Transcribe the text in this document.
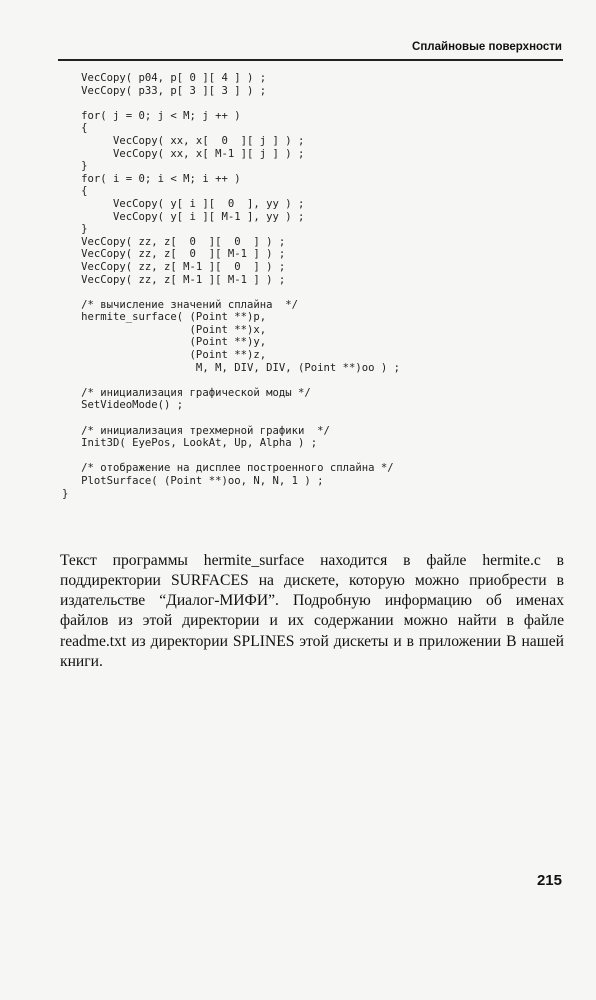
Сплайновые поверхности
VecCopy( p04, p[ 0 ][ 4 ] ) ;
VecCopy( p33, p[ 3 ][ 3 ] ) ;
for( j = 0; j < M; j ++ )
{
VecCopy( xx, x[  0  ][ j ] ) ;
VecCopy( xx, x[ M-1 ][ j ] ) ;
}
for( i = 0; i < M; i ++ )
{
VecCopy( y[ i ][  0  ], yy ) ;
VecCopy( y[ i ][ M-1 ], yy ) ;
}
VecCopy( zz, z[  0  ][  0  ] ) ;
VecCopy( zz, z[  0  ][ M-1 ] ) ;
VecCopy( zz, z[ M-1 ][  0  ] ) ;
VecCopy( zz, z[ M-1 ][ M-1 ] ) ;
/* вычисление значений сплайна  */
hermite_surface( (Point **)p,
(Point **)x,
(Point **)y,
(Point **)z,
M, M, DIV, DIV, (Point **)oo ) ;
/* инициализация графической моды */
SetVideoMode() ;
/* инициализация трехмерной графики  */
Init3D( EyePos, LookAt, Up, Alpha ) ;
/* отображение на дисплее построенного сплайна */
PlotSurface( (Point **)oo, N, N, 1 ) ;
}

Текст программы hermite_surface находится в файле hermite.c в поддиректории SURFACES на дискете, которую можно приобрести в издательстве “Диалог-МИФИ”. Подробную информацию об именах файлов из этой директории и их содержании можно найти в файле readme.txt из директории SPLINES этой дискеты и в приложении В нашей книги.

215
